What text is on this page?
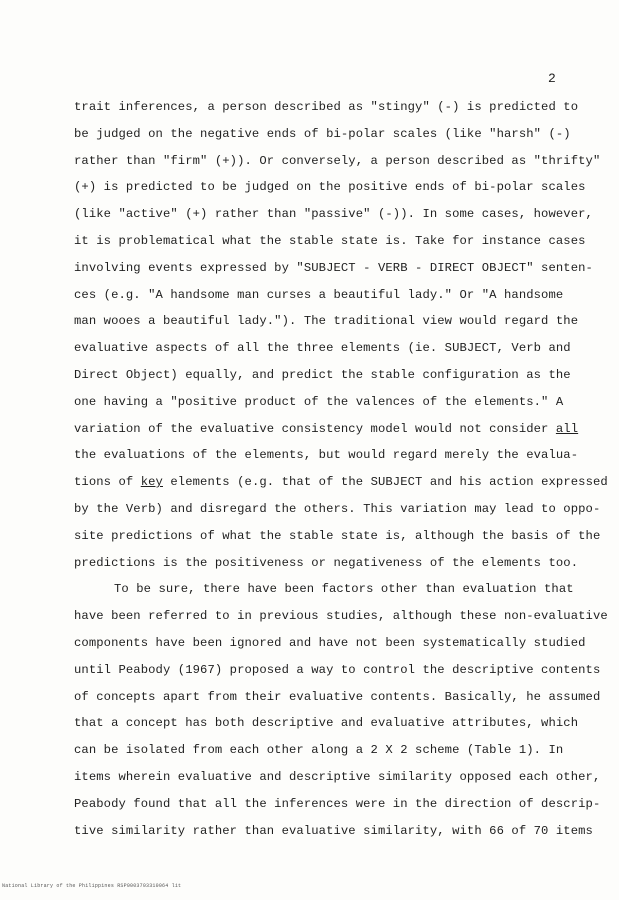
2
trait inferences, a person described as "stingy" (-) is predicted to
be judged on the negative ends of bi-polar scales (like "harsh" (-)
rather than "firm" (+)). Or conversely, a person described as "thrifty"
(+) is predicted to be judged on the positive ends of bi-polar scales
(like "active" (+) rather than "passive" (-)). In some cases, however,
it is problematical what the stable state is. Take for instance cases
involving events expressed by "SUBJECT - VERB - DIRECT OBJECT" senten-
ces (e.g. "A handsome man curses a beautiful lady." Or "A handsome
man wooes a beautiful lady."). The traditional view would regard the
evaluative aspects of all the three elements (ie. SUBJECT, Verb and
Direct Object) equally, and predict the stable configuration as the
one having a "positive product of the valences of the elements." A
variation of the evaluative consistency model would not consider all
the evaluations of the elements, but would regard merely the evalua-
tions of key elements (e.g. that of the SUBJECT and his action expressed
by the Verb) and disregard the others. This variation may lead to oppo-
site predictions of what the stable state is, although the basis of the
predictions is the positiveness or negativeness of the elements too.
To be sure, there have been factors other than evaluation that
have been referred to in previous studies, although these non-evaluative
components have been ignored and have not been systematically studied
until Peabody (1967) proposed a way to control the descriptive contents
of concepts apart from their evaluative contents. Basically, he assumed
that a concept has both descriptive and evaluative attributes, which
can be isolated from each other along a 2 X 2 scheme (Table 1). In
items wherein evaluative and descriptive similarity opposed each other,
Peabody found that all the inferences were in the direction of descrip-
tive similarity rather than evaluative similarity, with 66 of 70 items
National Library of the Philippines RSP0003703310064 lit
